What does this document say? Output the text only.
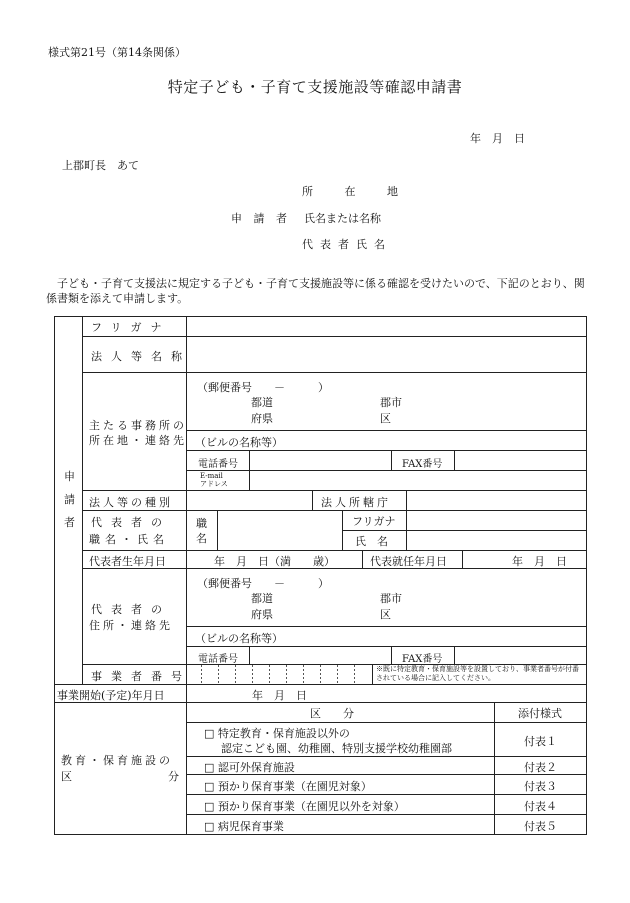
様式第21号（第14条関係）
特定子ども・子育て支援施設等確認申請書
年　月　日
上郡町長　あて
所 在 地
申 請 者 氏名または名称
代表者氏名
子ども・子育て支援法に規定する子ども・子育て支援施設等に係る確認を受けたいので、下記のとおり、関係書類を添えて申請します。
申請者
フリガナ
法人等名称
主たる事務所の
所在地・連絡先
（郵便番号　　－　　　）
都道
府県
郡市
区
（ビルの名称等）
電話番号	FAX番号
E-mail
アドレス
法人等の種別	法人所轄庁
代表者の
職名・氏名
職
名
フリガナ
氏　名
代表者生年月日	年　月　日（満　　歳）	代表就任年月日	年　月　日
代表者の
住所・連絡先
（郵便番号　　－　　　）
都道
府県
郡市
区
（ビルの名称等）
電話番号	FAX番号
事業者番号
※既に特定教育・保育施設等を設置しており、事業者番号が付番されている場合に記入してください。
事業開始(予定)年月日	年　月　日
教育・保育施設の
区　　　分
区　　分	添付様式
□ 特定教育・保育施設以外の
認定こども園、幼稚園、特別支援学校幼稚園部
付表１
□ 認可外保育施設	付表２
□ 預かり保育事業（在園児対象）	付表３
□ 預かり保育事業（在園児以外を対象）	付表４
□ 病児保育事業	付表５
